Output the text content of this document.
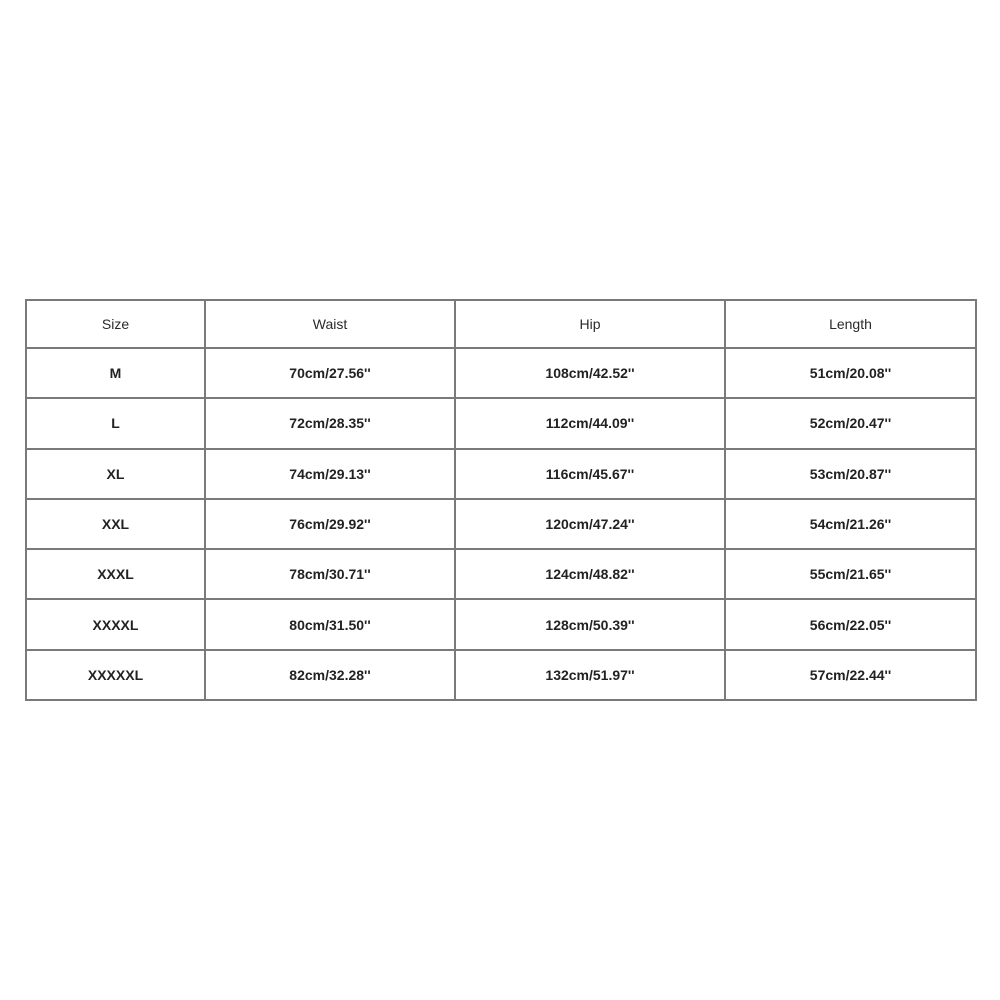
Size	Waist	Hip	Length
M	70cm/27.56''	108cm/42.52''	51cm/20.08''
L	72cm/28.35''	112cm/44.09''	52cm/20.47''
XL	74cm/29.13''	116cm/45.67''	53cm/20.87''
XXL	76cm/29.92''	120cm/47.24''	54cm/21.26''
XXXL	78cm/30.71''	124cm/48.82''	55cm/21.65''
XXXXL	80cm/31.50''	128cm/50.39''	56cm/22.05''
XXXXXL	82cm/32.28''	132cm/51.97''	57cm/22.44''
